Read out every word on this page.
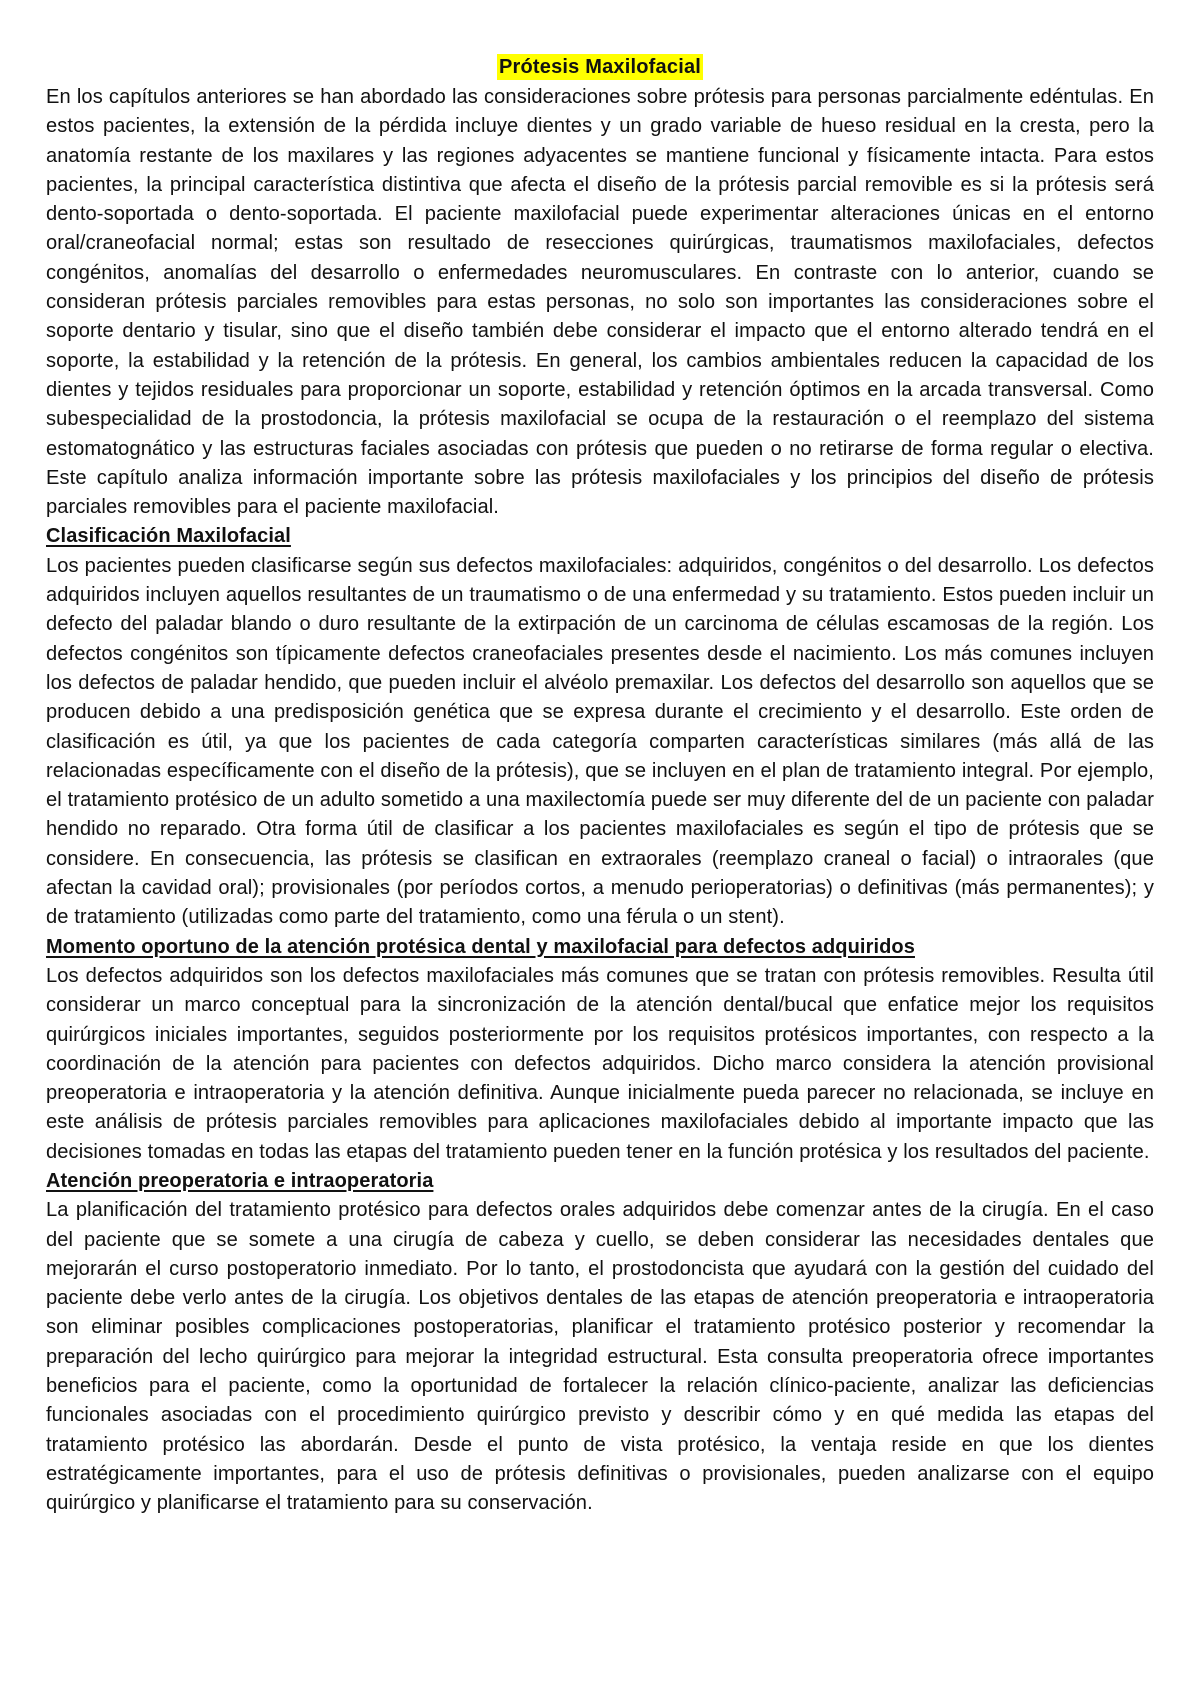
Prótesis Maxilofacial

En los capítulos anteriores se han abordado las consideraciones sobre prótesis para personas parcialmente edéntulas. En estos pacientes, la extensión de la pérdida incluye dientes y un grado variable de hueso residual en la cresta, pero la anatomía restante de los maxilares y las regiones adyacentes se mantiene funcional y físicamente intacta. Para estos pacientes, la principal característica distintiva que afecta el diseño de la prótesis parcial removible es si la prótesis será dento-soportada o dento-soportada. El paciente maxilofacial puede experimentar alteraciones únicas en el entorno oral/craneofacial normal; estas son resultado de resecciones quirúrgicas, traumatismos maxilofaciales, defectos congénitos, anomalías del desarrollo o enfermedades neuromusculares. En contraste con lo anterior, cuando se consideran prótesis parciales removibles para estas personas, no solo son importantes las consideraciones sobre el soporte dentario y tisular, sino que el diseño también debe considerar el impacto que el entorno alterado tendrá en el soporte, la estabilidad y la retención de la prótesis. En general, los cambios ambientales reducen la capacidad de los dientes y tejidos residuales para proporcionar un soporte, estabilidad y retención óptimos en la arcada transversal. Como subespecialidad de la prostodoncia, la prótesis maxilofacial se ocupa de la restauración o el reemplazo del sistema estomatognático y las estructuras faciales asociadas con prótesis que pueden o no retirarse de forma regular o electiva. Este capítulo analiza información importante sobre las prótesis maxilofaciales y los principios del diseño de prótesis parciales removibles para el paciente maxilofacial.

Clasificación Maxilofacial

Los pacientes pueden clasificarse según sus defectos maxilofaciales: adquiridos, congénitos o del desarrollo. Los defectos adquiridos incluyen aquellos resultantes de un traumatismo o de una enfermedad y su tratamiento. Estos pueden incluir un defecto del paladar blando o duro resultante de la extirpación de un carcinoma de células escamosas de la región. Los defectos congénitos son típicamente defectos craneofaciales presentes desde el nacimiento. Los más comunes incluyen los defectos de paladar hendido, que pueden incluir el alvéolo premaxilar. Los defectos del desarrollo son aquellos que se producen debido a una predisposición genética que se expresa durante el crecimiento y el desarrollo. Este orden de clasificación es útil, ya que los pacientes de cada categoría comparten características similares (más allá de las relacionadas específicamente con el diseño de la prótesis), que se incluyen en el plan de tratamiento integral. Por ejemplo, el tratamiento protésico de un adulto sometido a una maxilectomía puede ser muy diferente del de un paciente con paladar hendido no reparado. Otra forma útil de clasificar a los pacientes maxilofaciales es según el tipo de prótesis que se considere. En consecuencia, las prótesis se clasifican en extraorales (reemplazo craneal o facial) o intraorales (que afectan la cavidad oral); provisionales (por períodos cortos, a menudo perioperatorias) o definitivas (más permanentes); y de tratamiento (utilizadas como parte del tratamiento, como una férula o un stent).

Momento oportuno de la atención protésica dental y maxilofacial para defectos adquiridos

Los defectos adquiridos son los defectos maxilofaciales más comunes que se tratan con prótesis removibles. Resulta útil considerar un marco conceptual para la sincronización de la atención dental/bucal que enfatice mejor los requisitos quirúrgicos iniciales importantes, seguidos posteriormente por los requisitos protésicos importantes, con respecto a la coordinación de la atención para pacientes con defectos adquiridos. Dicho marco considera la atención provisional preoperatoria e intraoperatoria y la atención definitiva. Aunque inicialmente pueda parecer no relacionada, se incluye en este análisis de prótesis parciales removibles para aplicaciones maxilofaciales debido al importante impacto que las decisiones tomadas en todas las etapas del tratamiento pueden tener en la función protésica y los resultados del paciente.

Atención preoperatoria e intraoperatoria

La planificación del tratamiento protésico para defectos orales adquiridos debe comenzar antes de la cirugía. En el caso del paciente que se somete a una cirugía de cabeza y cuello, se deben considerar las necesidades dentales que mejorarán el curso postoperatorio inmediato. Por lo tanto, el prostodoncista que ayudará con la gestión del cuidado del paciente debe verlo antes de la cirugía. Los objetivos dentales de las etapas de atención preoperatoria e intraoperatoria son eliminar posibles complicaciones postoperatorias, planificar el tratamiento protésico posterior y recomendar la preparación del lecho quirúrgico para mejorar la integridad estructural. Esta consulta preoperatoria ofrece importantes beneficios para el paciente, como la oportunidad de fortalecer la relación clínico-paciente, analizar las deficiencias funcionales asociadas con el procedimiento quirúrgico previsto y describir cómo y en qué medida las etapas del tratamiento protésico las abordarán. Desde el punto de vista protésico, la ventaja reside en que los dientes estratégicamente importantes, para el uso de prótesis definitivas o provisionales, pueden analizarse con el equipo quirúrgico y planificarse el tratamiento para su conservación.
